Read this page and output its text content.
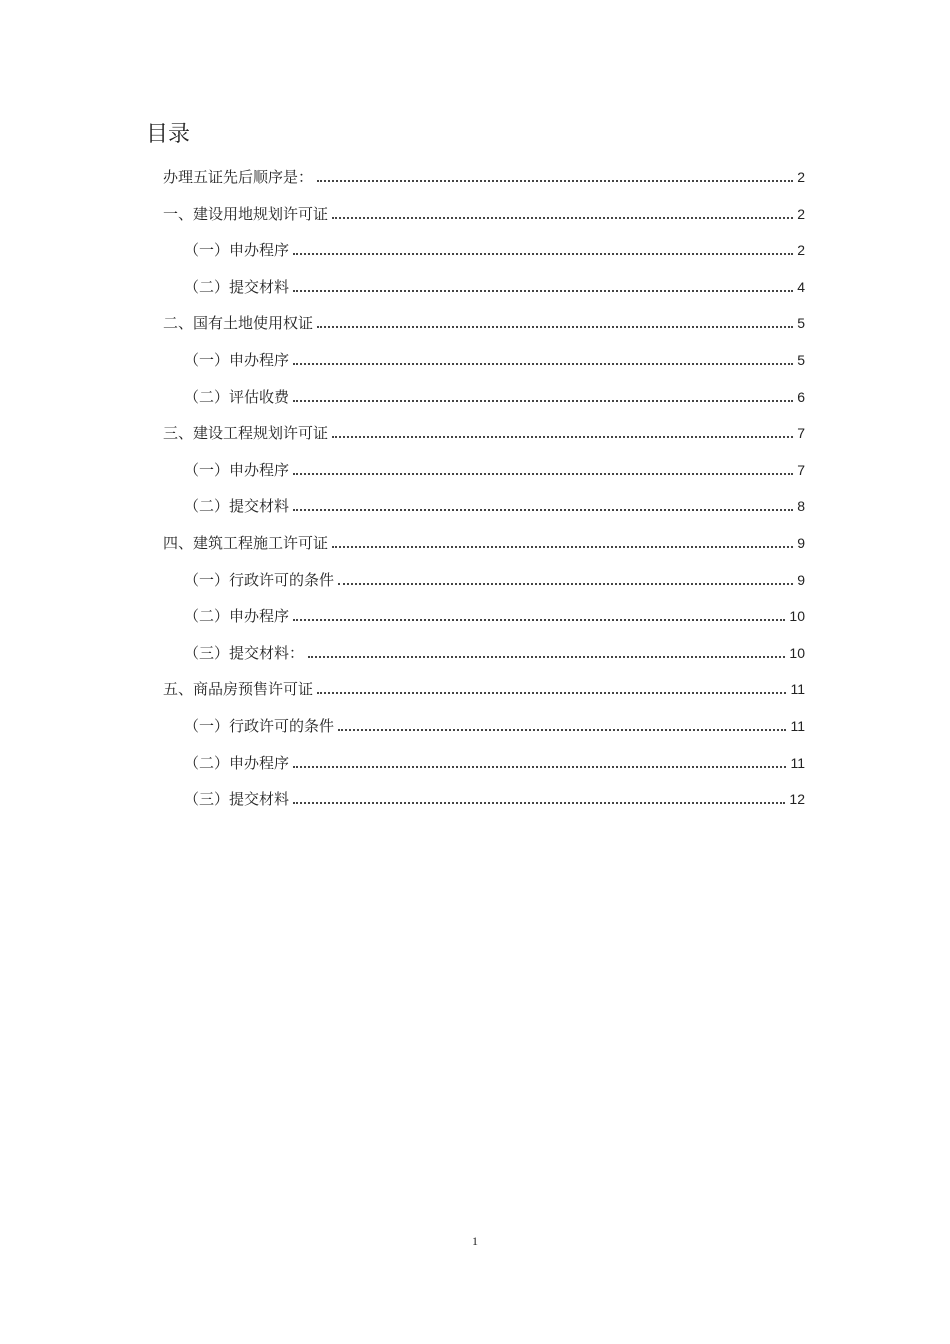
目录
办理五证先后顺序是：	2
一、建设用地规划许可证	2
（一）申办程序	2
（二）提交材料	4
二、国有土地使用权证	5
（一）申办程序	5
（二）评估收费	6
三、建设工程规划许可证	7
（一）申办程序	7
（二）提交材料	8
四、建筑工程施工许可证	9
（一）行政许可的条件	9
（二）申办程序	10
（三）提交材料：	10
五、商品房预售许可证	11
（一）行政许可的条件	11
（二）申办程序	11
（三）提交材料	12
1
